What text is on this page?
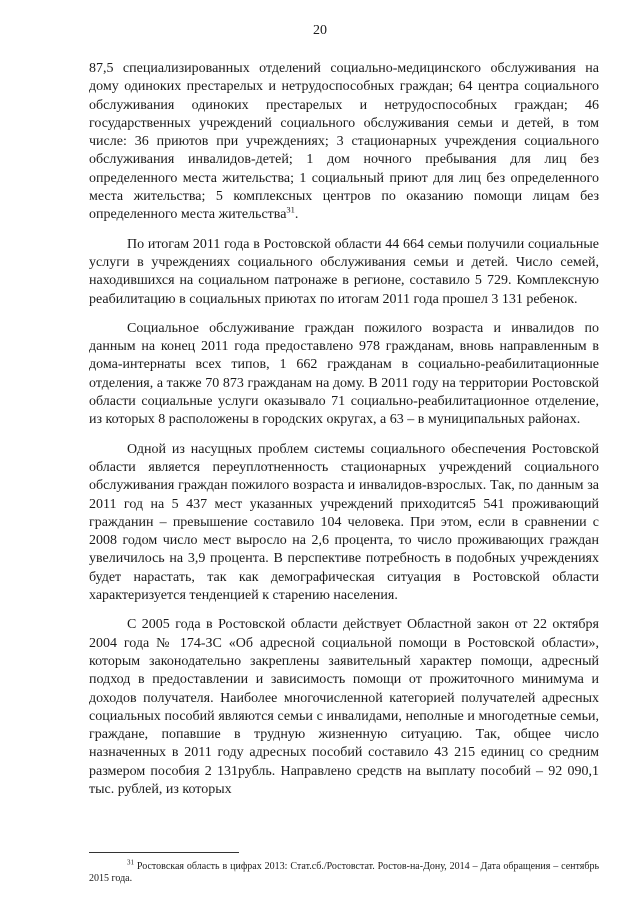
20

87,5 специализированных отделений социально-медицинского обслуживания на дому одиноких престарелых и нетрудоспособных граждан; 64 центра социального обслуживания одиноких престарелых и нетрудоспособных граждан; 46 государственных учреждений социального обслуживания семьи и детей, в том числе: 36 приютов при учреждениях; 3 стационарных учреждения социального обслуживания инвалидов-детей; 1 дом ночного пребывания для лиц без определенного места жительства; 1 социальный приют для лиц без определенного места жительства; 5 комплексных центров по оказанию помощи лицам без определенного места жительства$^{31}$.

По итогам 2011 года в Ростовской области 44 664 семьи получили социальные услуги в учреждениях социального обслуживания семьи и детей. Число семей, находившихся на социальном патронаже в регионе, составило 5 729. Комплексную реабилитацию в социальных приютах по итогам 2011 года прошел 3 131 ребенок.

Социальное обслуживание граждан пожилого возраста и инвалидов по данным на конец 2011 года предоставлено 978 гражданам, вновь направленным в дома-интернаты всех типов, 1 662 гражданам в социально-реабилитационные отделения, а также 70 873 гражданам на дому. В 2011 году на территории Ростовской области социальные услуги оказывало 71 социально-реабилитационное отделение, из которых 8 расположены в городских округах, а 63 – в муниципальных районах.

Одной из насущных проблем системы социального обеспечения Ростовской области является переуплотненность стационарных учреждений социального обслуживания граждан пожилого возраста и инвалидов-взрослых. Так, по данным за 2011 год на 5 437 мест указанных учреждений приходится5 541 проживающий гражданин – превышение составило 104 человека. При этом, если в сравнении с 2008 годом число мест выросло на 2,6 процента, то число проживающих граждан увеличилось на 3,9 процента. В перспективе потребность в подобных учреждениях будет нарастать, так как демографическая ситуация в Ростовской области характеризуется тенденцией к старению населения.

С 2005 года в Ростовской области действует Областной закон от 22 октября 2004 года № 174-ЗС «Об адресной социальной помощи в Ростовской области», которым законодательно закреплены заявительный характер помощи, адресный подход в предоставлении и зависимость помощи от прожиточного минимума и доходов получателя. Наиболее многочисленной категорией получателей адресных социальных пособий являются семьи с инвалидами, неполные и многодетные семьи, граждане, попавшие в трудную жизненную ситуацию. Так, общее число назначенных в 2011 году адресных пособий составило 43 215 единиц со средним размером пособия 2 131рубль. Направлено средств на выплату пособий – 92 090,1 тыс. рублей, из которых

$^{31}$ Ростовская область в цифрах 2013: Стат.сб./Ростовстат. Ростов-на-Дону, 2014 – Дата обращения – сентябрь 2015 года.
